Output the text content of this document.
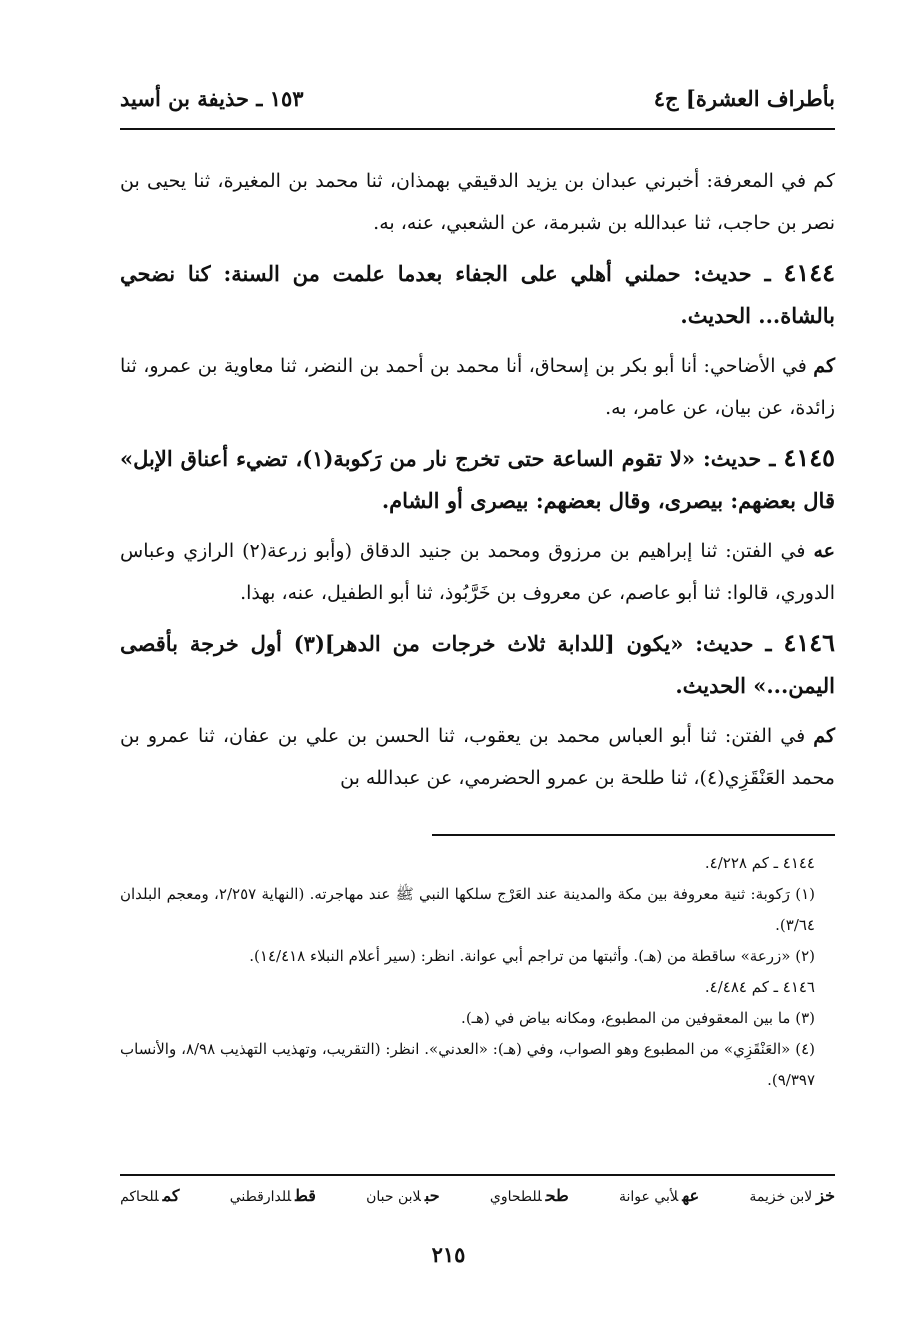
بأطراف العشرة] ج٤
١٥٣ ـ حذيفة بن أسيد

كم في المعرفة: أخبرني عبدان بن يزيد الدقيقي بهمذان، ثنا محمد بن المغيرة، ثنا يحيى بن نصر بن حاجب، ثنا عبدالله بن شبرمة، عن الشعبي، عنه، به.

٤١٤٤ ـ حديث: حملني أهلي على الجفاء بعدما علمت من السنة: كنا نضحي بالشاة... الحديث.

كم في الأضاحي: أنا أبو بكر بن إسحاق، أنا محمد بن أحمد بن النضر، ثنا معاوية بن عمرو، ثنا زائدة، عن بيان، عن عامر، به.

٤١٤٥ ـ حديث: «لا تقوم الساعة حتى تخرج نار من رَكوبة(١)، تضيء أعناق الإبل» قال بعضهم: بيصرى، وقال بعضهم: بيصرى أو الشام.

عه في الفتن: ثنا إبراهيم بن مرزوق ومحمد بن جنيد الدقاق (وأبو زرعة(٢) الرازي وعباس الدوري، قالوا: ثنا أبو عاصم، عن معروف بن خَرَّبُوذ، ثنا أبو الطفيل، عنه، بهذا.

٤١٤٦ ـ حديث: «يكون [للدابة ثلاث خرجات من الدهر](٣) أول خرجة بأقصى اليمن...» الحديث.

كم في الفتن: ثنا أبو العباس محمد بن يعقوب، ثنا الحسن بن علي بن عفان، ثنا عمرو بن محمد العَنْقَزِي(٤)، ثنا طلحة بن عمرو الحضرمي، عن عبدالله بن

٤١٤٤ ـ كم ٤/٢٢٨.

(١) رَكوبة: ثنية معروفة بين مكة والمدينة عند العَرْج سلكها النبي ﷺ عند مهاجرته. (النهاية ٢/٢٥٧، ومعجم البلدان ٣/٦٤).

(٢) «زرعة» ساقطة من (هـ). وأثبتها من تراجم أبي عوانة. انظر: (سير أعلام النبلاء ١٤/٤١٨).

٤١٤٦ ـ كم ٤/٤٨٤.

(٣) ما بين المعقوفين من المطبوع، ومكانه بياض في (هـ).

(٤) «العَنْقَزِي» من المطبوع وهو الصواب، وفي (هـ): «العدني». انظر: (التقريب، وتهذيب التهذيب ٨/٩٨، والأنساب ٩/٣٩٧).

خزلابن خزيمة
عهلأبي عوانة
طحللطحاوي
حبلابن حبان
قطللدارقطني
كمللحاكم
٢١٥
